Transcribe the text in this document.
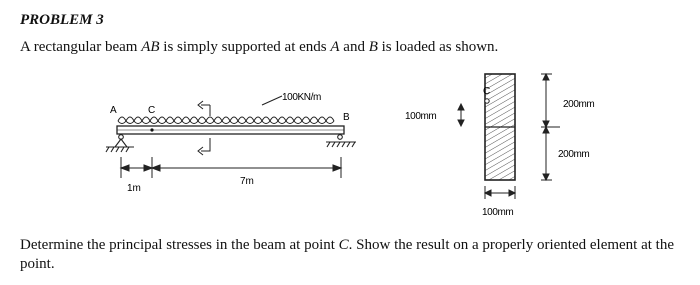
PROBLEM 3
A rectangular beam AB is simply supported at ends A and B is loaded as shown.
A	C
B
100KN/m
1m
7m
C
100mm
200mm
200mm
100mm
Determine the principal stresses in the beam at point C. Show the result on a properly oriented element at the point.
